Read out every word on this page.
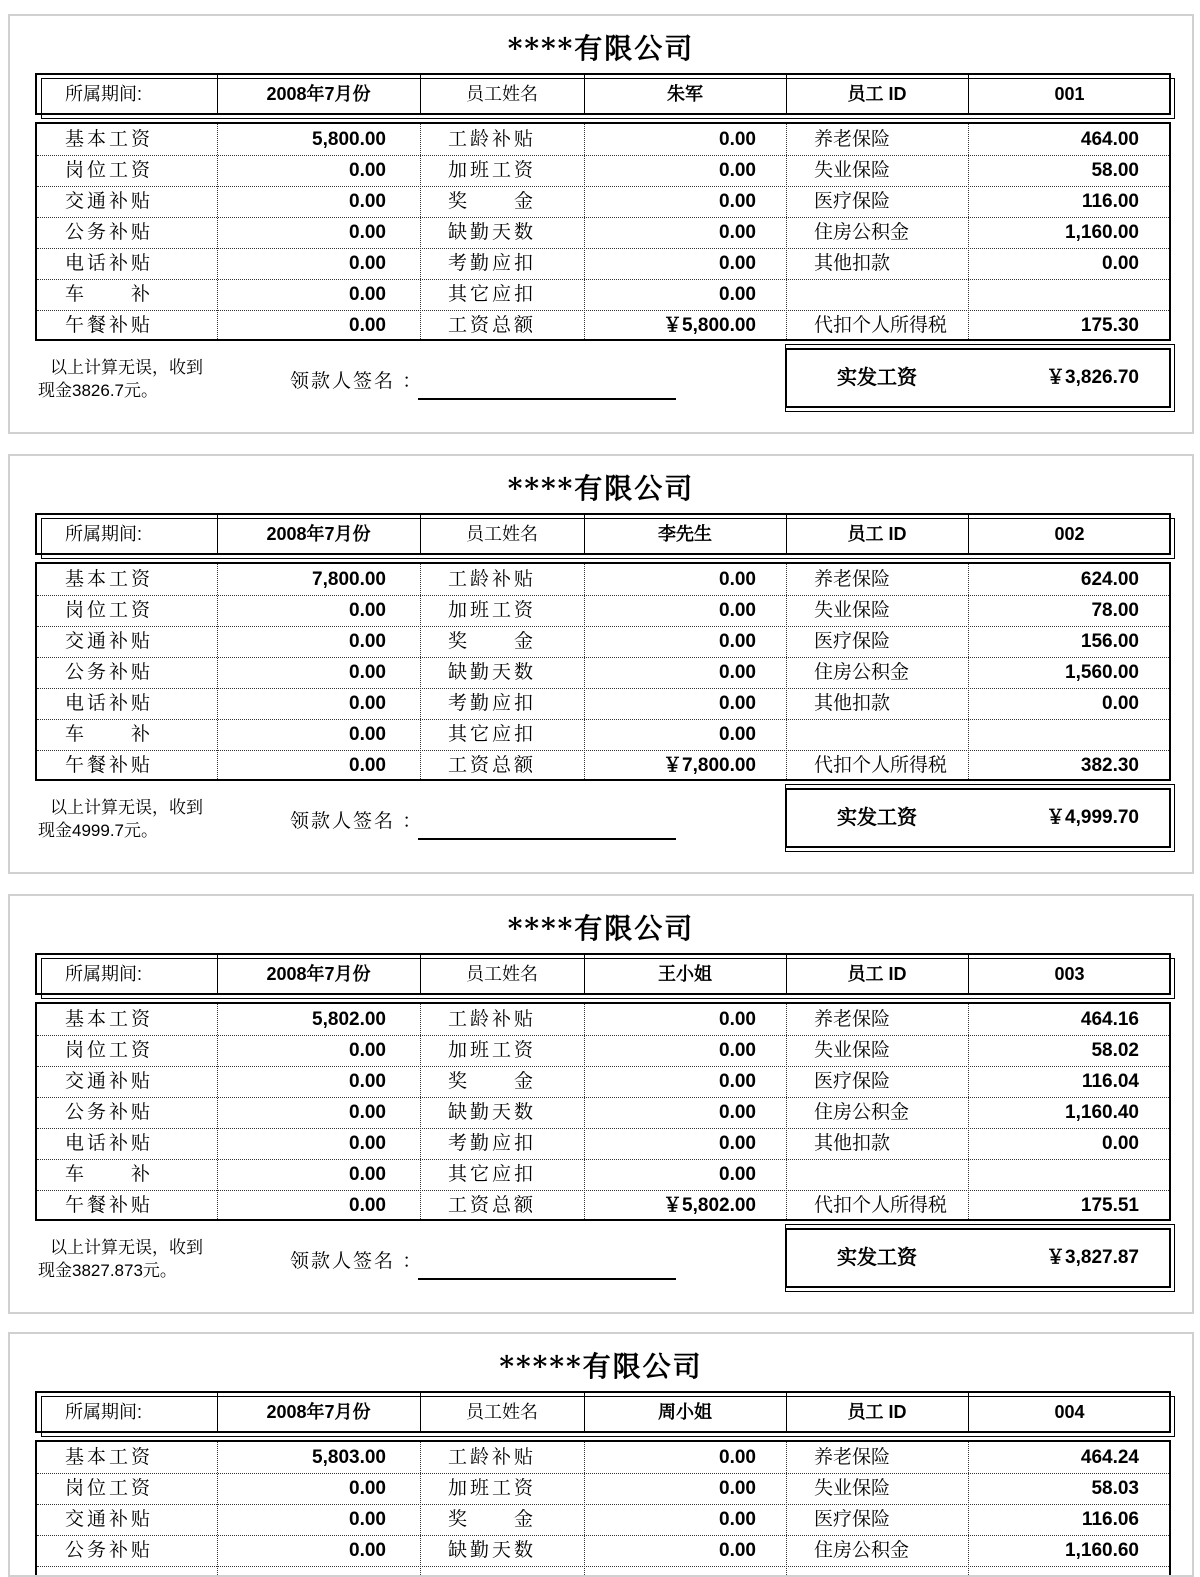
****有限公司
所属期间:	2008年7月份	员工姓名	朱军	员工 ID	001
基本工资	5,800.00	工龄补贴	0.00	养老保险	464.00
岗位工资	0.00	加班工资	0.00	失业保险	58.00
交通补贴	0.00	奖　　金	0.00	医疗保险	116.00
公务补贴	0.00	缺勤天数	0.00	住房公积金	1,160.00
电话补贴	0.00	考勤应扣	0.00	其他扣款	0.00
车　　补	0.00	其它应扣	0.00
午餐补贴	0.00	工资总额	￥5,800.00	代扣个人所得税	175.30
以上计算无误，收到
现金3826.7元。	领款人签名 ：	实发工资	￥3,826.70
****有限公司
所属期间:	2008年7月份	员工姓名	李先生	员工 ID	002
基本工资	7,800.00	工龄补贴	0.00	养老保险	624.00
岗位工资	0.00	加班工资	0.00	失业保险	78.00
交通补贴	0.00	奖　　金	0.00	医疗保险	156.00
公务补贴	0.00	缺勤天数	0.00	住房公积金	1,560.00
电话补贴	0.00	考勤应扣	0.00	其他扣款	0.00
车　　补	0.00	其它应扣	0.00
午餐补贴	0.00	工资总额	￥7,800.00	代扣个人所得税	382.30
以上计算无误，收到
现金4999.7元。	领款人签名 ：	实发工资	￥4,999.70
****有限公司
所属期间:	2008年7月份	员工姓名	王小姐	员工 ID	003
基本工资	5,802.00	工龄补贴	0.00	养老保险	464.16
岗位工资	0.00	加班工资	0.00	失业保险	58.02
交通补贴	0.00	奖　　金	0.00	医疗保险	116.04
公务补贴	0.00	缺勤天数	0.00	住房公积金	1,160.40
电话补贴	0.00	考勤应扣	0.00	其他扣款	0.00
车　　补	0.00	其它应扣	0.00
午餐补贴	0.00	工资总额	￥5,802.00	代扣个人所得税	175.51
以上计算无误，收到
现金3827.873元。	领款人签名 ：	实发工资	￥3,827.87
*****有限公司
所属期间:	2008年7月份	员工姓名	周小姐	员工 ID	004
基本工资	5,803.00	工龄补贴	0.00	养老保险	464.24
岗位工资	0.00	加班工资	0.00	失业保险	58.03
交通补贴	0.00	奖　　金	0.00	医疗保险	116.06
公务补贴	0.00	缺勤天数	0.00	住房公积金	1,160.60
